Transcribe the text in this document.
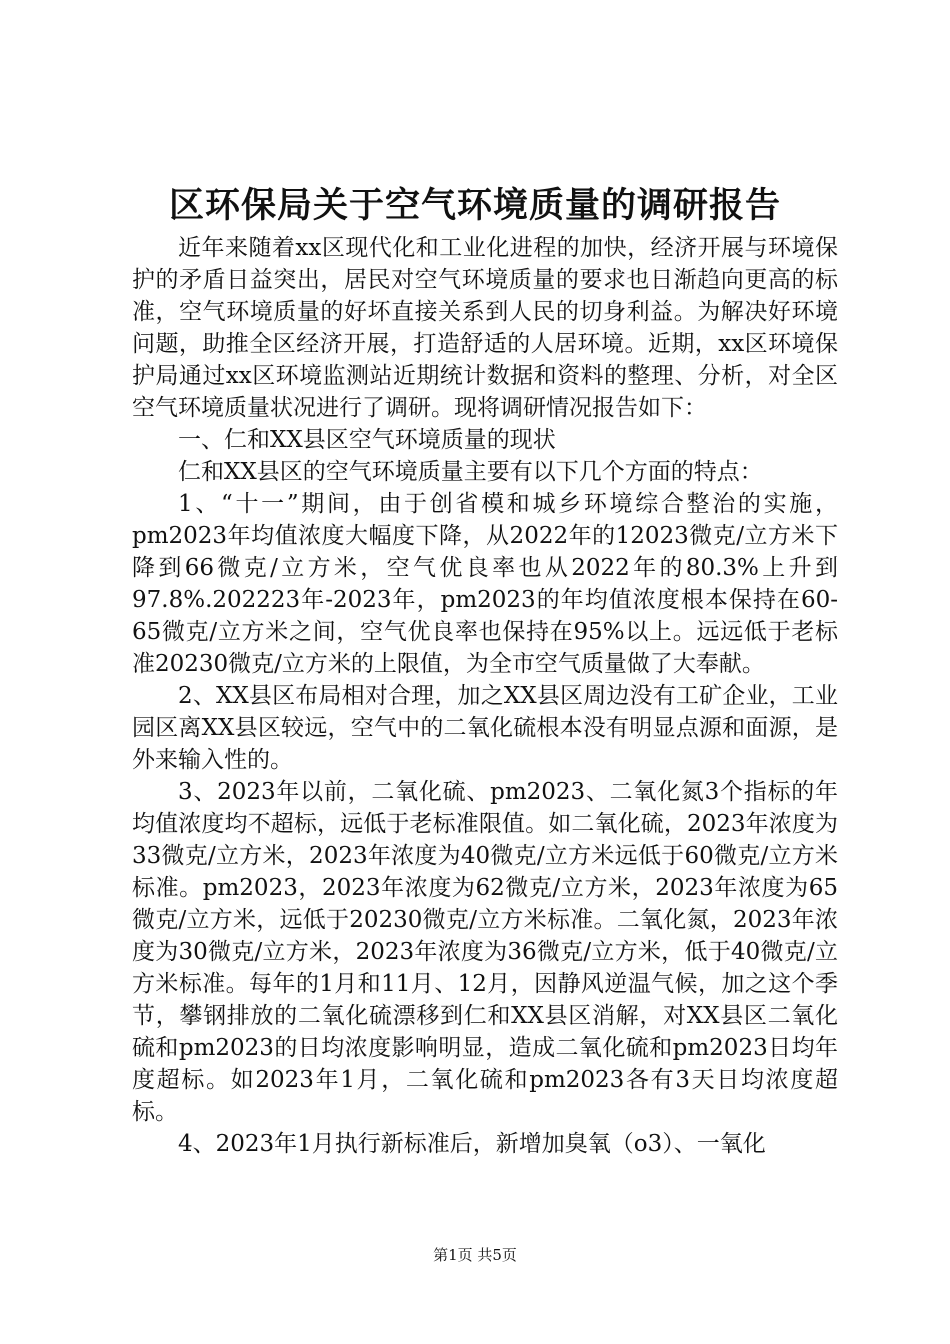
区环保局关于空气环境质量的调研报告

近年来随着xx区现代化和工业化进程的加快，经济开展与环境保护的矛盾日益突出，居民对空气环境质量的要求也日渐趋向更高的标准，空气环境质量的好坏直接关系到人民的切身利益。为解决好环境问题，助推全区经济开展，打造舒适的人居环境。近期，xx区环境保护局通过xx区环境监测站近期统计数据和资料的整理、分析，对全区空气环境质量状况进行了调研。现将调研情况报告如下：

一、仁和XX县区空气环境质量的现状

仁和XX县区的空气环境质量主要有以下几个方面的特点：

1、“十一”期间，由于创省模和城乡环境综合整治的实施，pm2023年均值浓度大幅度下降，从2022年的12023微克/立方米下降到66微克/立方米，空气优良率也从2022年的80.3%上升到97.8%.202223年-2023年，pm2023的年均值浓度根本保持在60-65微克/立方米之间，空气优良率也保持在95%以上。远远低于老标准20230微克/立方米的上限值，为全市空气质量做了大奉献。

2、XX县区布局相对合理，加之XX县区周边没有工矿企业，工业园区离XX县区较远，空气中的二氧化硫根本没有明显点源和面源，是外来输入性的。

3、2023年以前，二氧化硫、pm2023、二氧化氮3个指标的年均值浓度均不超标，远低于老标准限值。如二氧化硫，2023年浓度为33微克/立方米，2023年浓度为40微克/立方米远低于60微克/立方米标准。pm2023，2023年浓度为62微克/立方米，2023年浓度为65微克/立方米，远低于20230微克/立方米标准。二氧化氮，2023年浓度为30微克/立方米，2023年浓度为36微克/立方米，低于40微克/立方米标准。每年的1月和11月、12月，因静风逆温气候，加之这个季节，攀钢排放的二氧化硫漂移到仁和XX县区消解，对XX县区二氧化硫和pm2023的日均浓度影响明显，造成二氧化硫和pm2023日均年度超标。如2023年1月，二氧化硫和pm2023各有3天日均浓度超标。

4、2023年1月执行新标准后，新增加臭氧（o3）、一氧化

第1页 共5页
